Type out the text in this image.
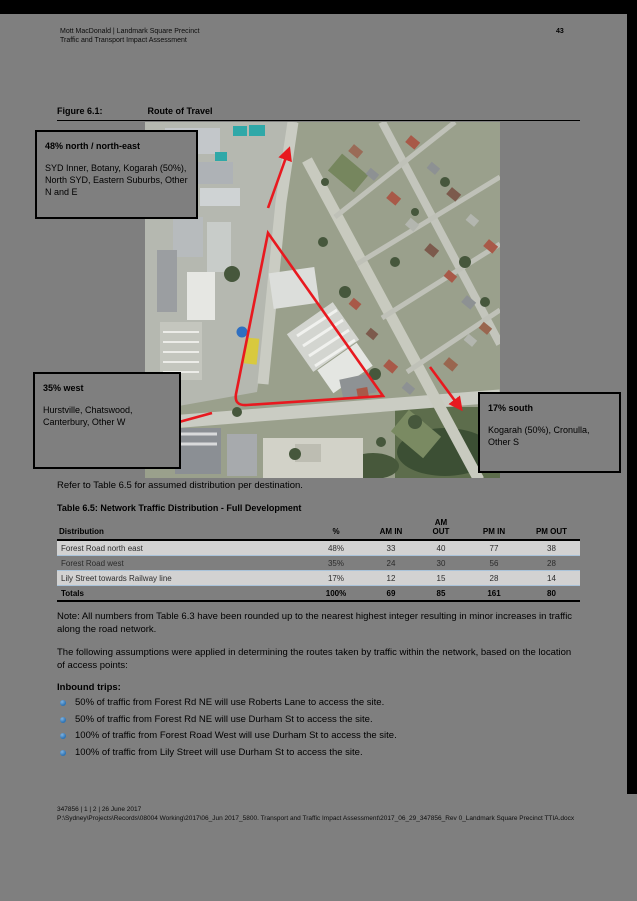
Mott MacDonald | Landmark Square Precinct
Traffic and Transport Impact Assessment
43
Figure 6.1:	Route of Travel
48% north / north-east
SYD Inner, Botany, Kogarah (50%), North SYD, Eastern Suburbs, Other N and E
35% west
Hurstville, Chatswood, Canterbury, Other W
17% south
Kogarah (50%), Cronulla, Other S

Refer to Table 6.5 for assumed distribution per destination.

Table 6.5: Network Traffic Distribution - Full Development

Distribution	%	AM IN	AM OUT	PM IN	PM OUT
Forest Road north east	48%	33	40	77	38
Forest Road west	35%	24	30	56	28
Lily Street towards Railway line	17%	12	15	28	14
Totals	100%	69	85	161	80

Note: All numbers from Table 6.3 have been rounded up to the nearest highest integer resulting in minor increases in traffic along the road network.

The following assumptions were applied in determining the routes taken by traffic within the network, based on the location of access points:

Inbound trips:

50% of traffic from Forest Rd NE will use Roberts Lane to access the site.
50% of traffic from Forest Rd NE will use Durham St to access the site.
100% of traffic from Forest Road West will use Durham St to access the site.
100% of traffic from Lily Street will use Durham St to access the site.
347856 | 1 | 2 | 26 June 2017
P:\Sydney\Projects\Records\08004 Working\2017\06_Jun 2017_5800. Transport and Traffic Impact Assessment\2017_06_29_347856_Rev 0_Landmark Square Precinct TTIA.docx
